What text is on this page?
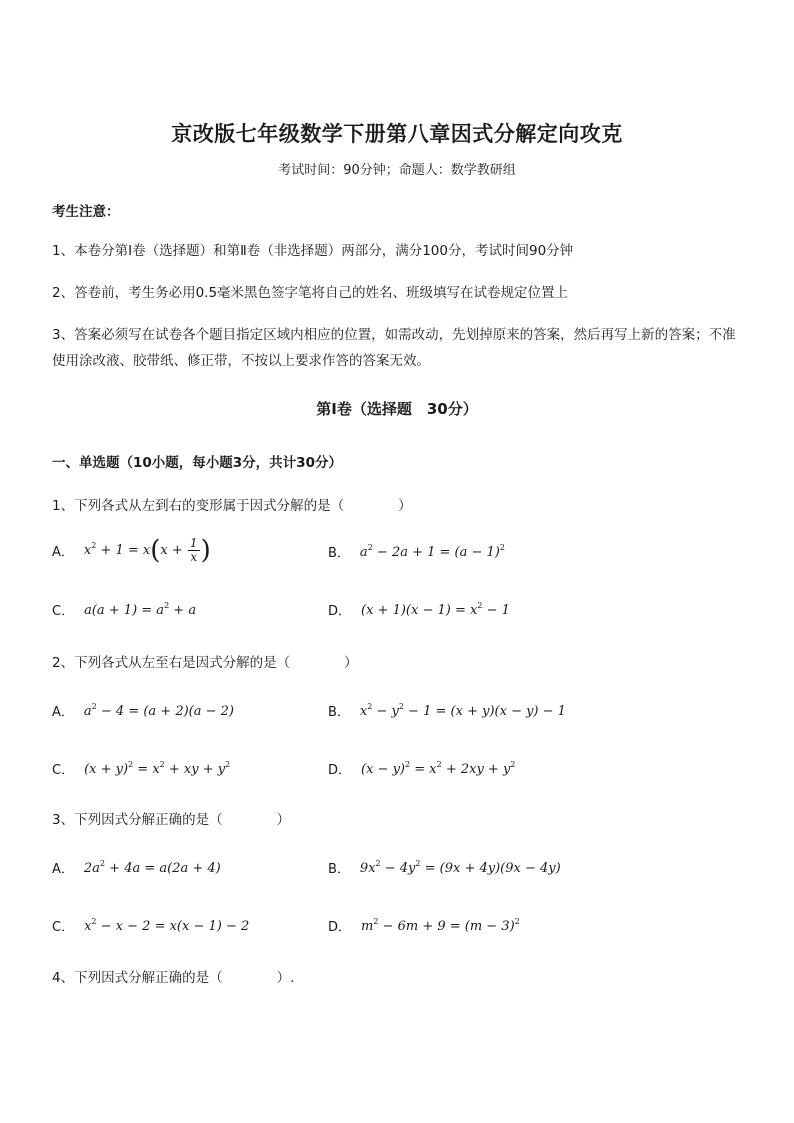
京改版七年级数学下册第八章因式分解定向攻克
考试时间：90分钟；命题人：数学教研组
考生注意：
1、本卷分第Ⅰ卷（选择题）和第Ⅱ卷（非选择题）两部分，满分100分，考试时间90分钟
2、答卷前，考生务必用0.5毫米黑色签字笔将自己的姓名、班级填写在试卷规定位置上
3、答案必须写在试卷各个题目指定区域内相应的位置，如需改动，先划掉原来的答案，然后再写上新的答案；不准使用涂改液、胶带纸、修正带，不按以上要求作答的答案无效。
第Ⅰ卷（选择题　30分）
一、单选题（10小题，每小题3分，共计30分）
1、下列各式从左到右的变形属于因式分解的是（　　　　）
A． $x^2 + 1 = x(x + \frac{1}{x}$ )	B． $a^2 - 2a + 1 = (a - 1)^2$
C． $a(a + 1) = a^2 + a$	D． $(x + 1)(x - 1) = x^2 - 1$
2、下列各式从左至右是因式分解的是（　　　　）
A． $a^2 - 4 = (a + 2)(a - 2)$	B． $x^2 - y^2 - 1 = (x + y)(x - y) - 1$
C． $(x + y)^2 = x^2$ + xy + $y^2$	D． $(x - y)^2 = x^2 + 2xy + y^2$
3、下列因式分解正确的是（　　　　）
A． $2a^2 + 4a = a(2a + 4)$	B． $9x^2 - 4y^2 = (9x + 4y)(9x - 4y)$
C． $x^2 - x - 2 = x(x - 1) - 2$	D． $m^2 - 6m + 9 = (m - 3)^2$
4、下列因式分解正确的是（　　　　）.
